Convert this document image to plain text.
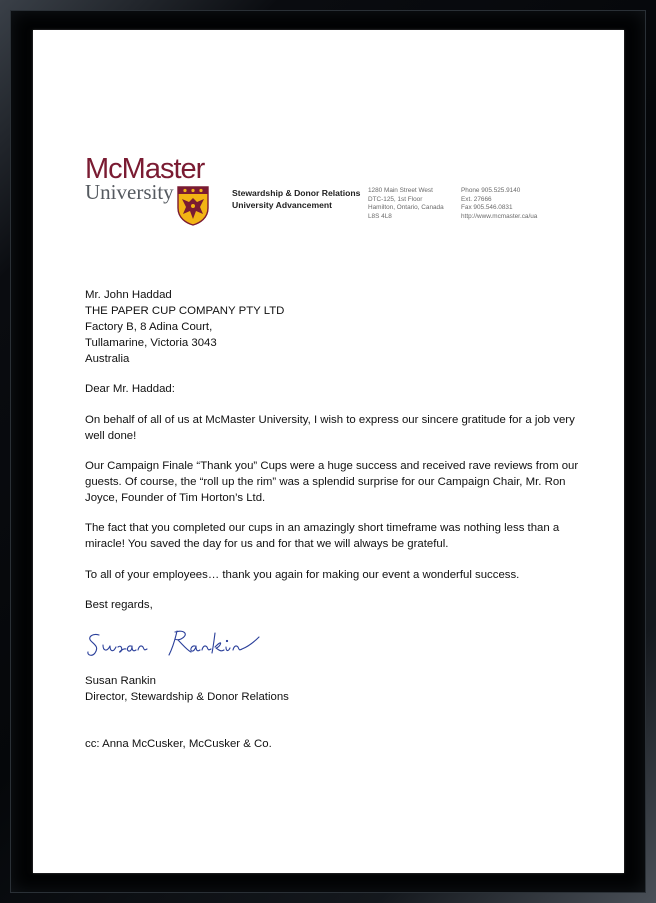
McMaster
University	Stewardship & Donor Relations
University Advancement
1280 Main Street West
DTC-125, 1st Floor
Hamilton, Ontario, Canada
L8S 4L8
Phone 905.525.9140
Ext. 27666
Fax 905.546.0831
http://www.mcmaster.ca/ua
Mr. John Haddad
THE PAPER CUP COMPANY PTY LTD
Factory B, 8 Adina Court,
Tullamarine, Victoria 3043
Australia
Dear Mr. Haddad:
On behalf of all of us at McMaster University, I wish to express our sincere gratitude for a job very well done!
Our Campaign Finale “Thank you” Cups were a huge success and received rave reviews from our guests. Of course, the “roll up the rim” was a splendid surprise for our Campaign Chair, Mr. Ron Joyce, Founder of Tim Horton’s Ltd.
The fact that you completed our cups in an amazingly short timeframe was nothing less than a miracle! You saved the day for us and for that we will always be grateful.
To all of your employees… thank you again for making our event a wonderful success.
Best regards,
Susan Rankin
Director, Stewardship & Donor Relations
cc: Anna McCusker, McCusker & Co.
